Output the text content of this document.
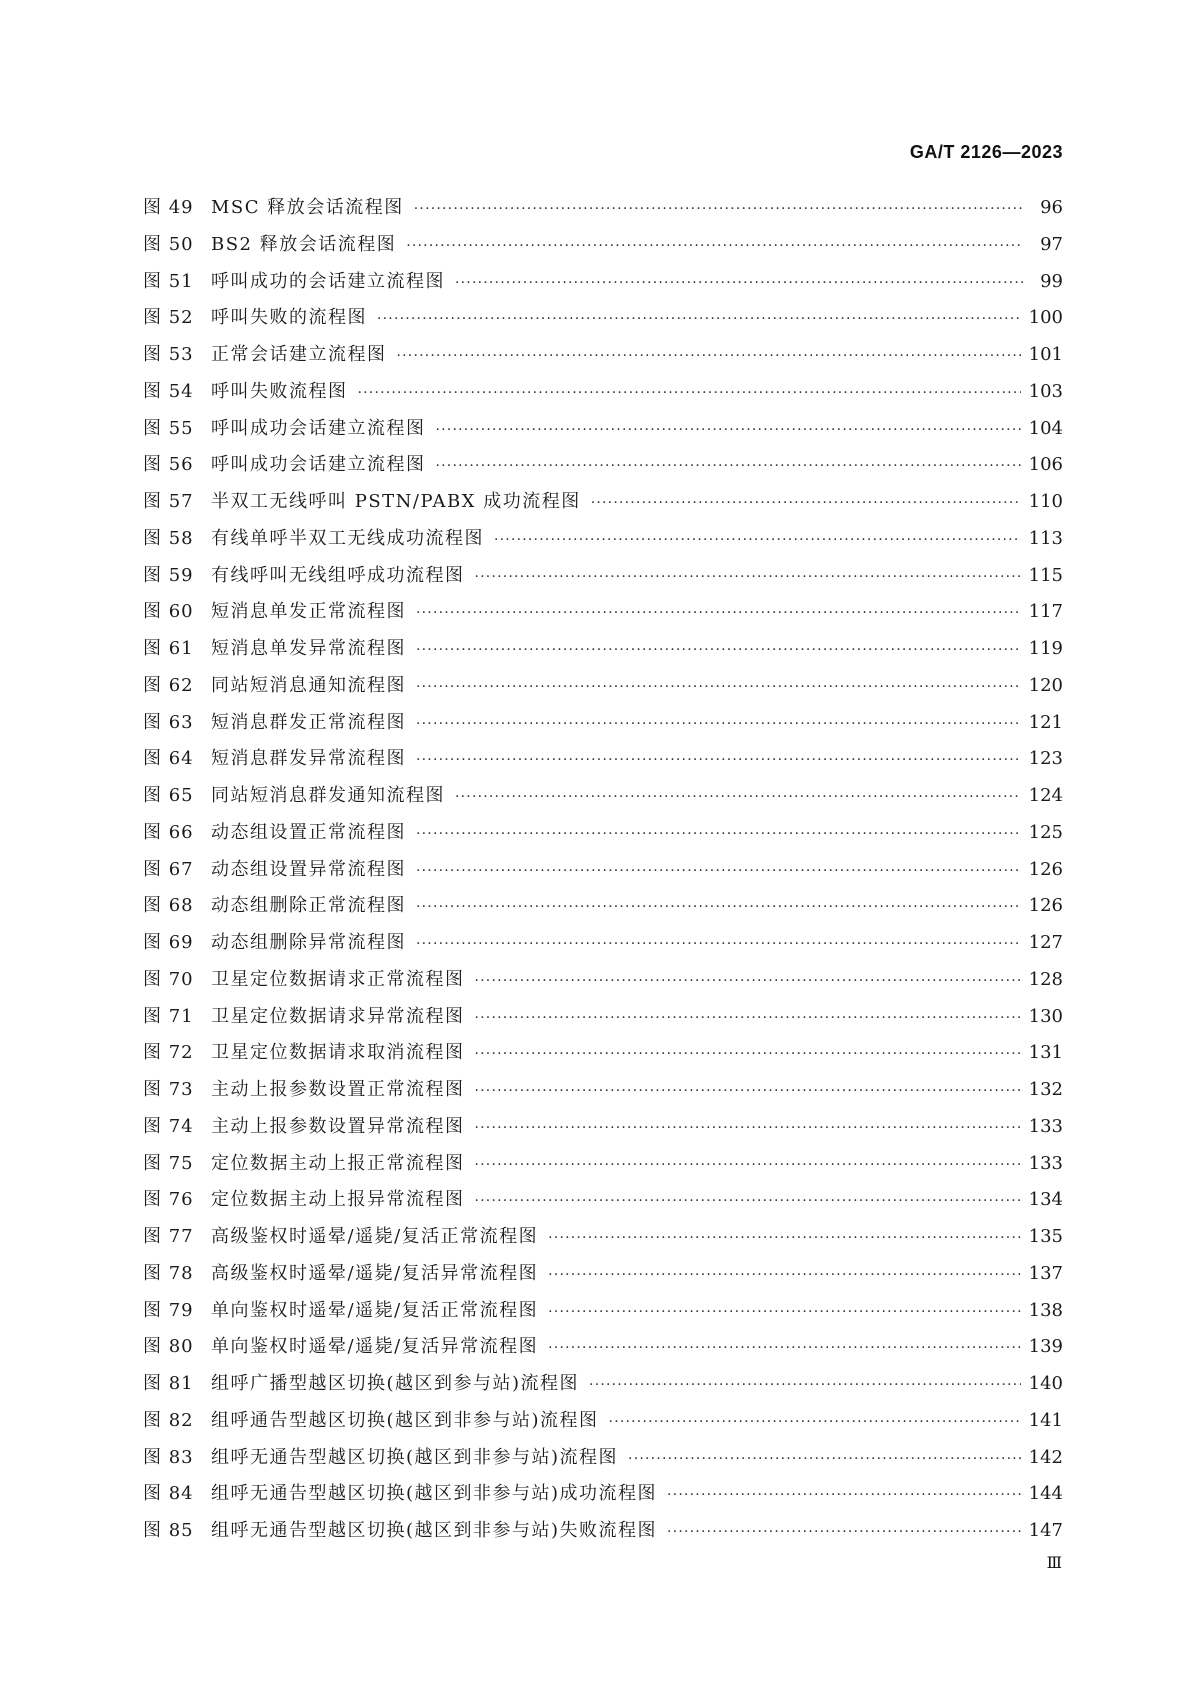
GA/T 2126—2023
图 49 MSC 释放会话流程图 ·····	96
图 50 BS2 释放会话流程图 ·····	97
图 51 呼叫成功的会话建立流程图 ·····	99
图 52 呼叫失败的流程图 ·····	100
图 53 正常会话建立流程图 ·····	101
图 54 呼叫失败流程图 ·····	103
图 55 呼叫成功会话建立流程图 ·····	104
图 56 呼叫成功会话建立流程图 ·····	106
图 57 半双工无线呼叫 PSTN/PABX 成功流程图 ·····	110
图 58 有线单呼半双工无线成功流程图 ·····	113
图 59 有线呼叫无线组呼成功流程图 ·····	115
图 60 短消息单发正常流程图 ·····	117
图 61 短消息单发异常流程图 ·····	119
图 62 同站短消息通知流程图 ·····	120
图 63 短消息群发正常流程图 ·····	121
图 64 短消息群发异常流程图 ·····	123
图 65 同站短消息群发通知流程图 ·····	124
图 66 动态组设置正常流程图 ·····	125
图 67 动态组设置异常流程图 ·····	126
图 68 动态组删除正常流程图 ·····	126
图 69 动态组删除异常流程图 ·····	127
图 70 卫星定位数据请求正常流程图 ·····	128
图 71 卫星定位数据请求异常流程图 ·····	130
图 72 卫星定位数据请求取消流程图 ·····	131
图 73 主动上报参数设置正常流程图 ·····	132
图 74 主动上报参数设置异常流程图 ·····	133
图 75 定位数据主动上报正常流程图 ·····	133
图 76 定位数据主动上报异常流程图 ·····	134
图 77 高级鉴权时遥晕/遥毙/复活正常流程图 ·····	135
图 78 高级鉴权时遥晕/遥毙/复活异常流程图 ·····	137
图 79 单向鉴权时遥晕/遥毙/复活正常流程图 ·····	138
图 80 单向鉴权时遥晕/遥毙/复活异常流程图 ·····	139
图 81 组呼广播型越区切换(越区到参与站)流程图 ·····	140
图 82 组呼通告型越区切换(越区到非参与站)流程图 ·····	141
图 83 组呼无通告型越区切换(越区到非参与站)流程图 ·····	142
图 84 组呼无通告型越区切换(越区到非参与站)成功流程图 ·····	144
图 85 组呼无通告型越区切换(越区到非参与站)失败流程图 ·····	147
Ⅲ
